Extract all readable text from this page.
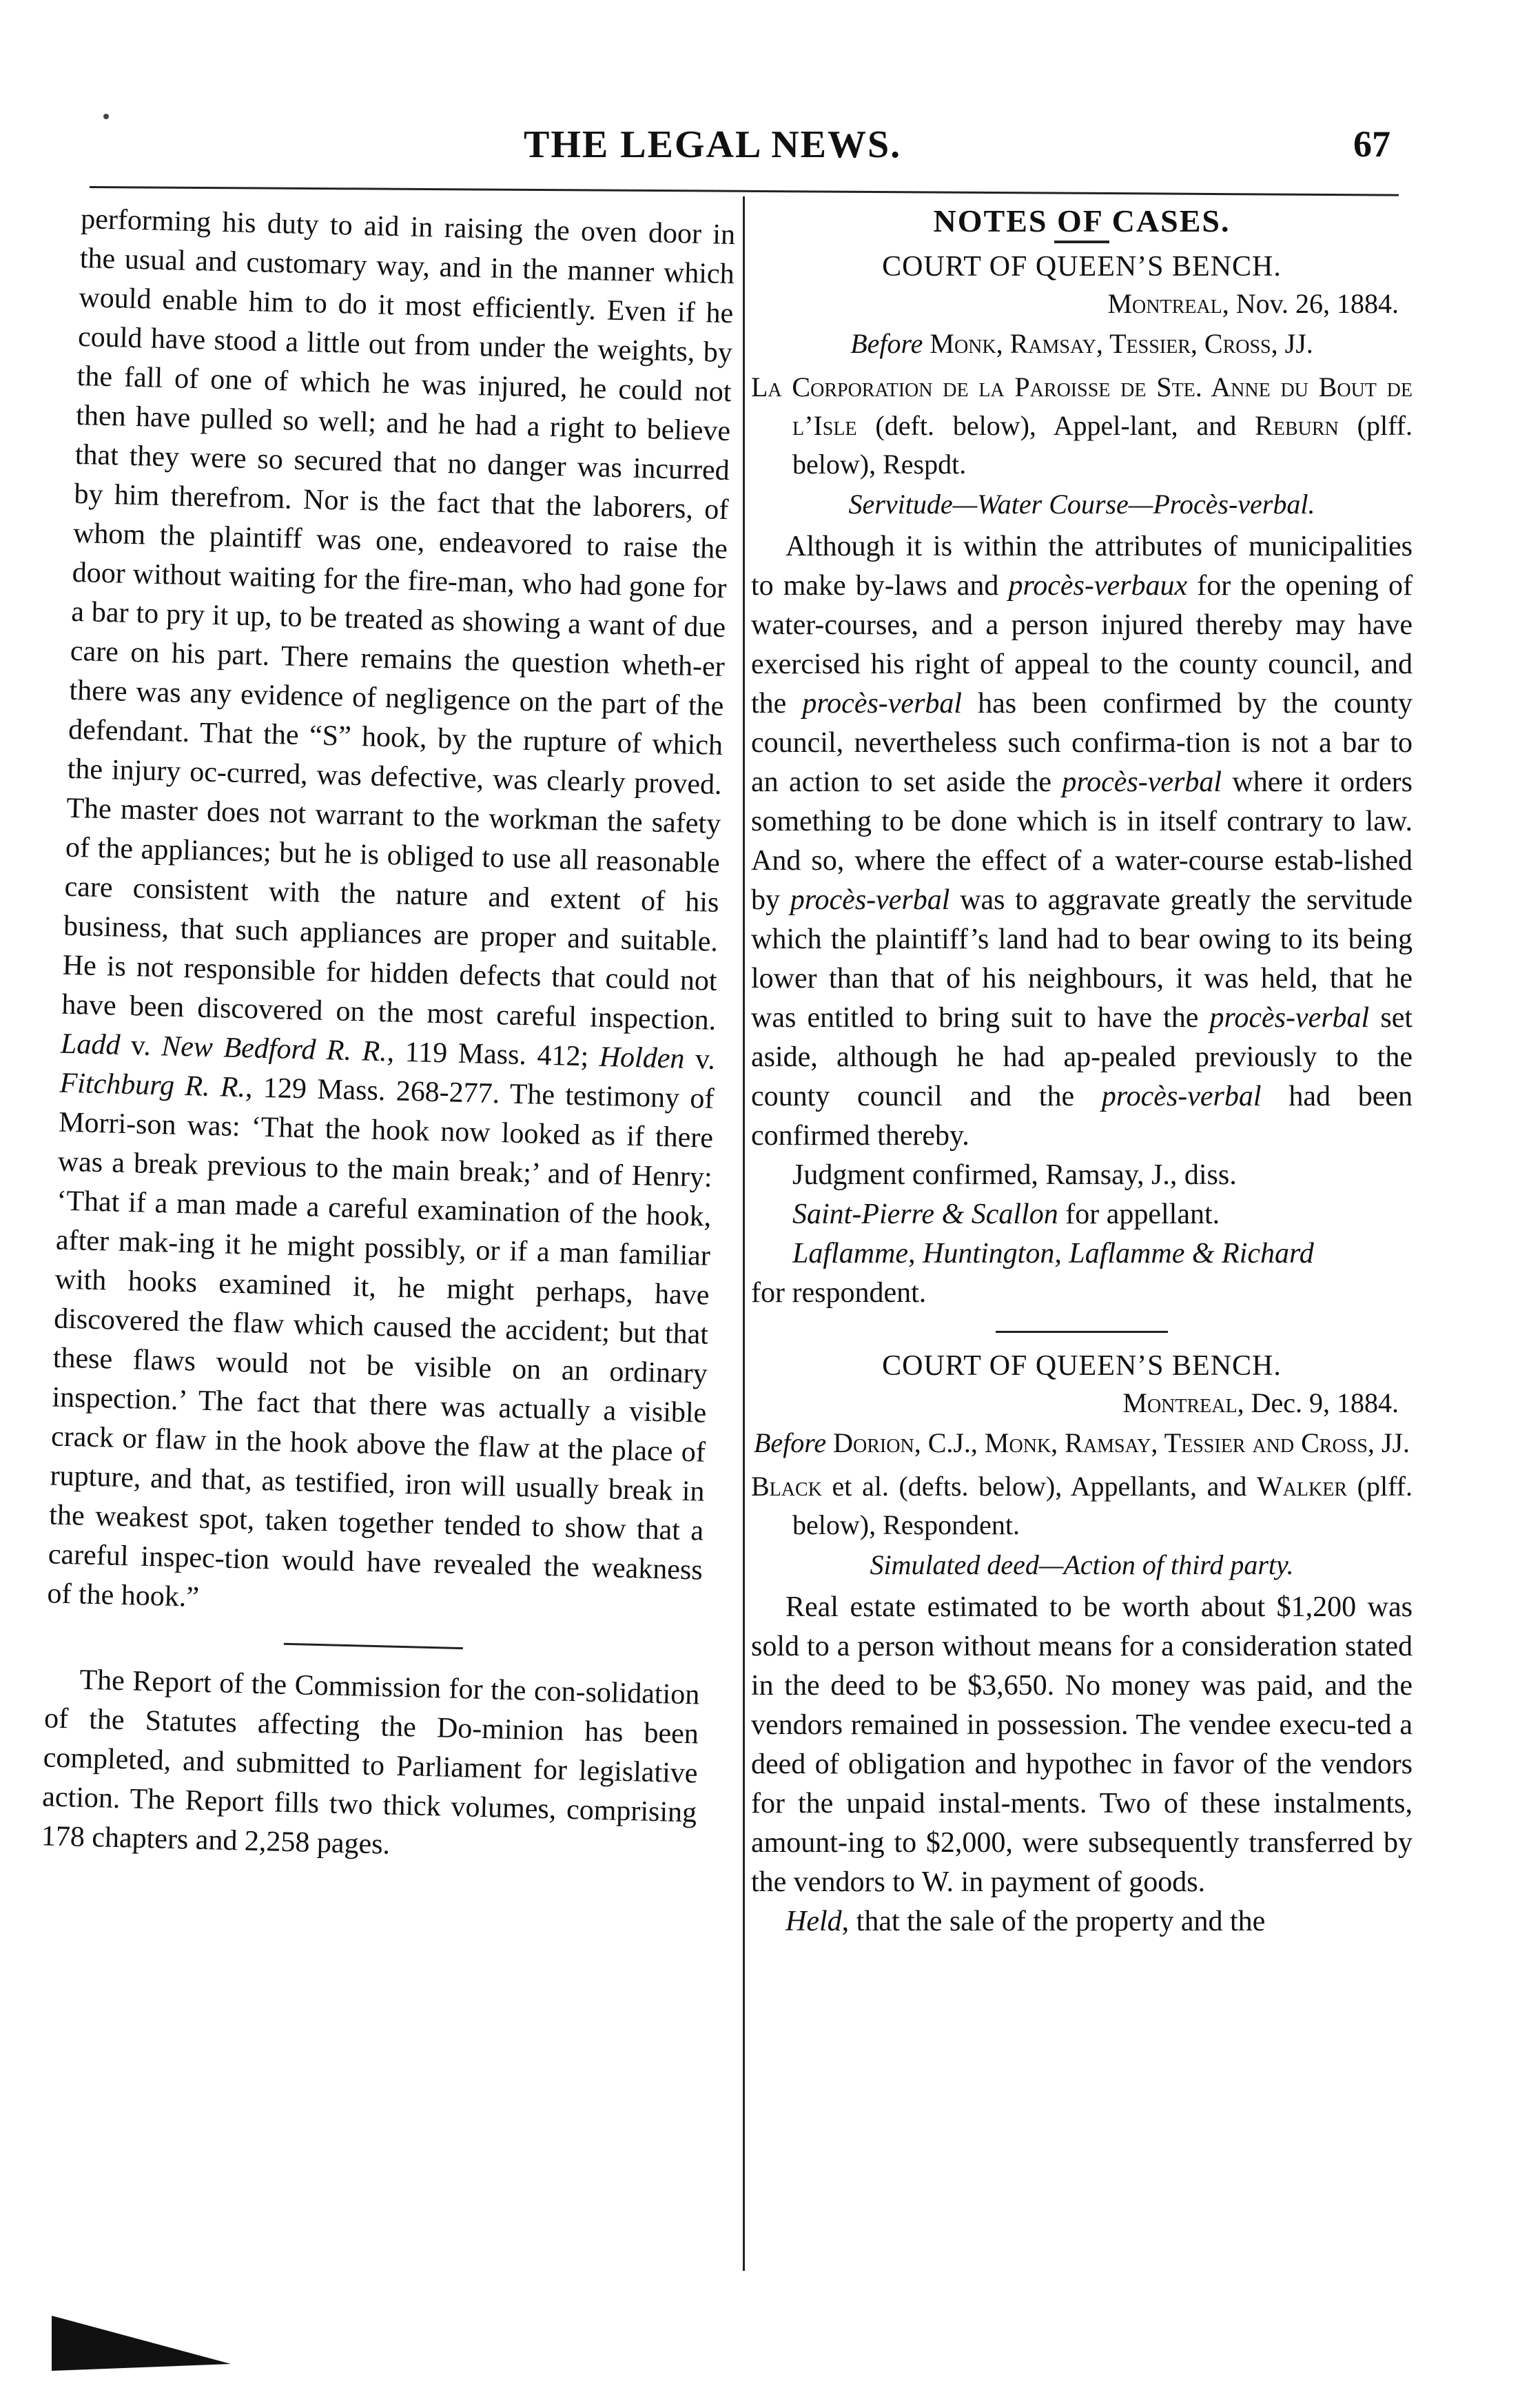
THE LEGAL NEWS.	67

performing his duty to aid in raising the oven door in the usual and customary way, and in the manner which would enable him to do it most efficiently. Even if he could have stood a little out from under the weights, by the fall of one of which he was injured, he could not then have pulled so well; and he had a right to believe that they were so secured that no danger was incurred by him therefrom. Nor is the fact that the laborers, of whom the plaintiff was one, endeavored to raise the door without waiting for the fire-man, who had gone for a bar to pry it up, to be treated as showing a want of due care on his part. There remains the question wheth-er there was any evidence of negligence on the part of the defendant. That the “S” hook, by the rupture of which the injury oc-curred, was defective, was clearly proved. The master does not warrant to the workman the safety of the appliances; but he is obliged to use all reasonable care consistent with the nature and extent of his business, that such appliances are proper and suitable. He is not responsible for hidden defects that could not have been discovered on the most careful inspection. Ladd v. New Bedford R. R., 119 Mass. 412; Holden v. Fitchburg R. R., 129 Mass. 268-277. The testimony of Morri-son was: ‘That the hook now looked as if there was a break previous to the main break;’ and of Henry: ‘That if a man made a careful examination of the hook, after mak-ing it he might possibly, or if a man familiar with hooks examined it, he might perhaps, have discovered the flaw which caused the accident; but that these flaws would not be visible on an ordinary inspection.’ The fact that there was actually a visible crack or flaw in the hook above the flaw at the place of rupture, and that, as testified, iron will usually break in the weakest spot, taken together tended to show that a careful inspec-tion would have revealed the weakness of the hook.”

The Report of the Commission for the con-solidation of the Statutes affecting the Do-minion has been completed, and submitted to Parliament for legislative action. The Report fills two thick volumes, comprising 178 chapters and 2,258 pages.

NOTES OF CASES.
COURT OF QUEEN’S BENCH.
Montreal, Nov. 26, 1884.
Before Monk, Ramsay, Tessier, Cross, JJ.
La Corporation de la Paroisse de Ste. Anne du Bout de l’Isle (deft. below), Appel-lant, and Reburn (plff. below), Respdt.
Servitude—Water Course—Procès-verbal.

Although it is within the attributes of municipalities to make by-laws and procès-verbaux for the opening of water-courses, and a person injured thereby may have exercised his right of appeal to the county council, and the procès-verbal has been confirmed by the county council, nevertheless such confirma-tion is not a bar to an action to set aside the procès-verbal where it orders something to be done which is in itself contrary to law. And so, where the effect of a water-course estab-lished by procès-verbal was to aggravate greatly the servitude which the plaintiff’s land had to bear owing to its being lower than that of his neighbours, it was held, that he was entitled to bring suit to have the procès-verbal set aside, although he had ap-pealed previously to the county council and the procès-verbal had been confirmed thereby.

Judgment confirmed, Ramsay, J., diss.

Saint-Pierre & Scallon for appellant.

Laflamme, Huntington, Laflamme & Richard

for respondent.

COURT OF QUEEN’S BENCH.
Montreal, Dec. 9, 1884.
Before Dorion, C.J., Monk, Ramsay, Tessier and Cross, JJ.
Black et al. (defts. below), Appellants, and Walker (plff. below), Respondent.
Simulated deed—Action of third party.

Real estate estimated to be worth about $1,200 was sold to a person without means for a consideration stated in the deed to be $3,650. No money was paid, and the vendors remained in possession. The vendee execu-ted a deed of obligation and hypothec in favor of the vendors for the unpaid instal-ments. Two of these instalments, amount-ing to $2,000, were subsequently transferred by the vendors to W. in payment of goods.

Held, that the sale of the property and the
